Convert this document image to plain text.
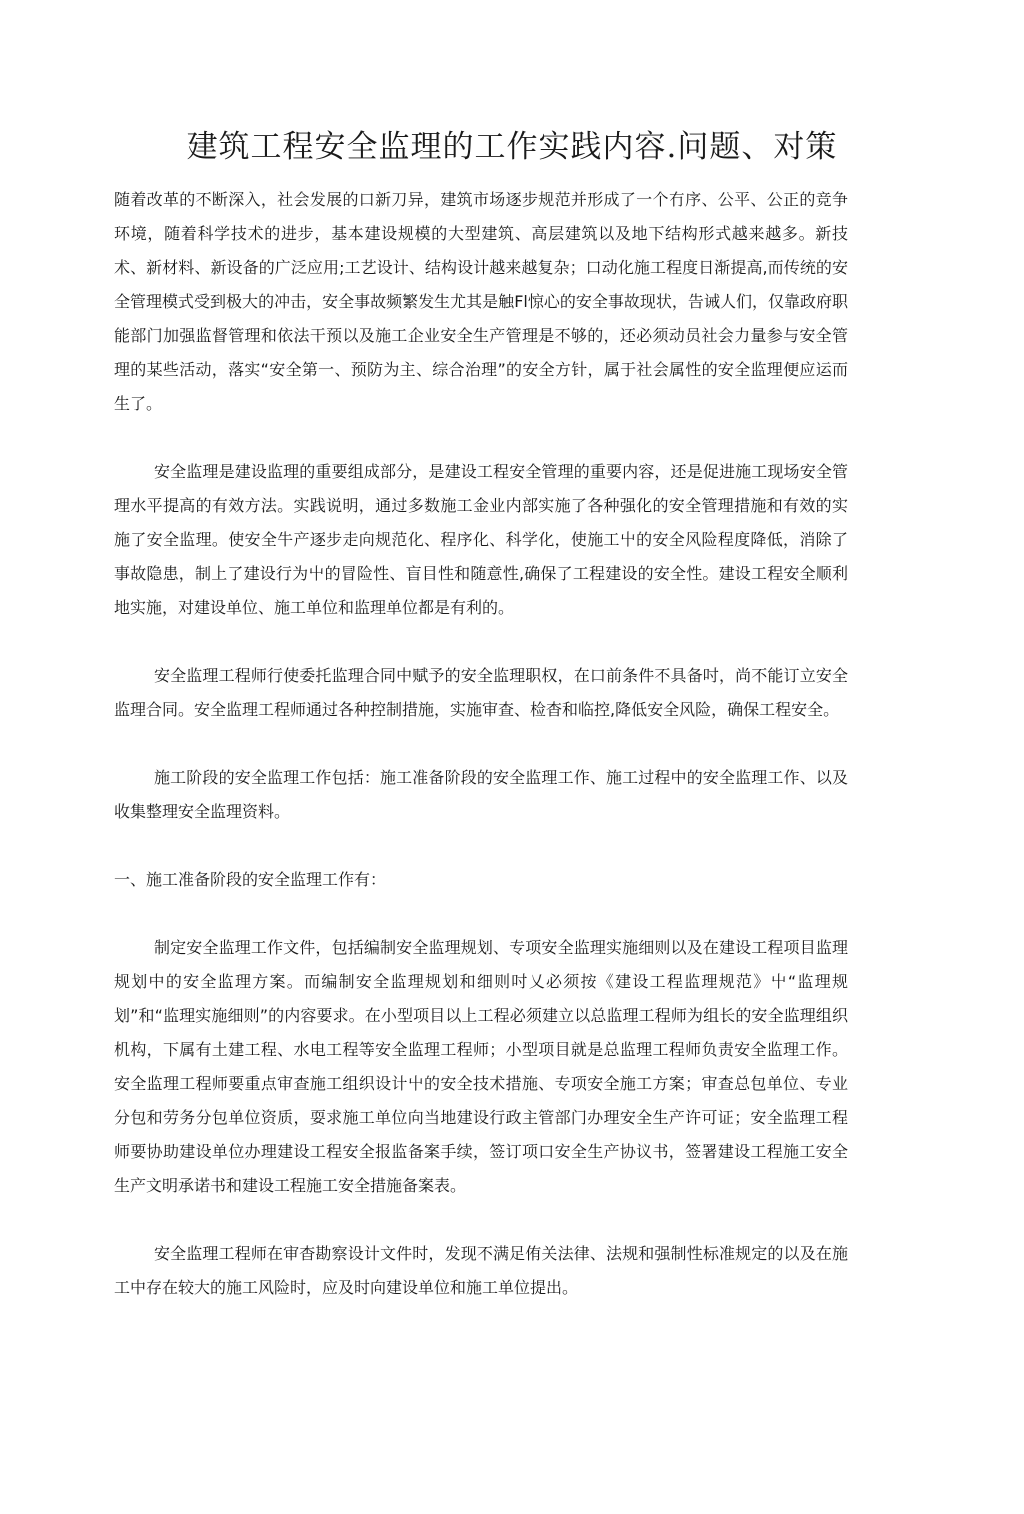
建筑工程安全监理的工作实践内容.问题、对策

随着改革的不断深入，社会发展的口新刀异，建筑市场逐步规范并形成了一个冇序、公平、公正的竞争环境，随着科学技术的进步，基本建设规模的大型建筑、高层建筑以及地下结构形式越来越多。新技术、新材料、新设备的广泛应用;工艺设计、结构设计越来越复杂；口动化施工程度日渐提高,而传统的安全管理模式受到极大的冲击，安全事故频繁发生尤其是触Fl惊心的安全事故现状，告诫人们，仅靠政府职能部门加强监督管理和依法干预以及施工企业安全生产管理是不够的，还必须动员社会力量参与安全管理的某些活动，落实“安全第一、预防为主、综合治理”的安全方针，属于社会属性的安全监理便应运而生了。

安全监理是建设监理的重要组成部分，是建设工程安全管理的重要内容，还是促进施工现场安全管理水平提高的有效方法。实践说明，通过多数施工金业内部实施了各种强化的安全管理措施和有效的实施了安全监理。使安全牛产逐步走向规范化、程序化、科学化，使施工屮的安全风险程度降低，消除了事故隐患，制上了建设行为屮的冒险性、盲目性和随意性,确保了工程建设的安全性。建设工程安全顺利地实施，对建设单位、施工单位和监理单位都是有利的。

安全监理工程师行使委托监理合同中赋予的安全监理职权，在口前条件不具备吋，尚不能订立安全监理合同。安全监理工程师通过各种控制措施，实施审查、检杳和临控,降低安全风险，确保工程安全。

施工阶段的安全监理工作包括：施工准备阶段的安全监理工作、施工过程中的安全监理工作、以及收集整理安全监理资料。

一、施工准备阶段的安全监理工作有：

制定安全监理工作文件，包括编制安全监理规划、专项安全监理实施细则以及在建设工程项目监理规划中的安全监理方案。而编制安全监理规划和细则吋乂必须按《建设工程监理规范》屮“监理规划”和“监理实施细则”的内容要求。在小型项目以上工程必须建立以总监理工程师为组长的安全监理组织机构，下属有土建工程、水电工程等安全监理工程师；小型项目就是总监理工程师负责安全监理工作。安全监理工程师要重点审查施工组织设计屮的安全技术措施、专项安全施工方案；审查总包单位、专业分包和劳务分包单位资质，耍求施工单位向当地建设行政主管部门办理安全生产许可证；安全监理工程师要协助建设单位办理建设工程安全报监备案手续，签订项口安全生产协议书，签署建设工程施工安全生产文明承诺书和建设工程施工安全措施备案表。

安全监理工程师在审杳勘察设计文件时，发现不满足侑关法律、法规和强制性标准规定的以及在施工中存在较大的施工风险时，应及时向建设单位和施工单位提出。
